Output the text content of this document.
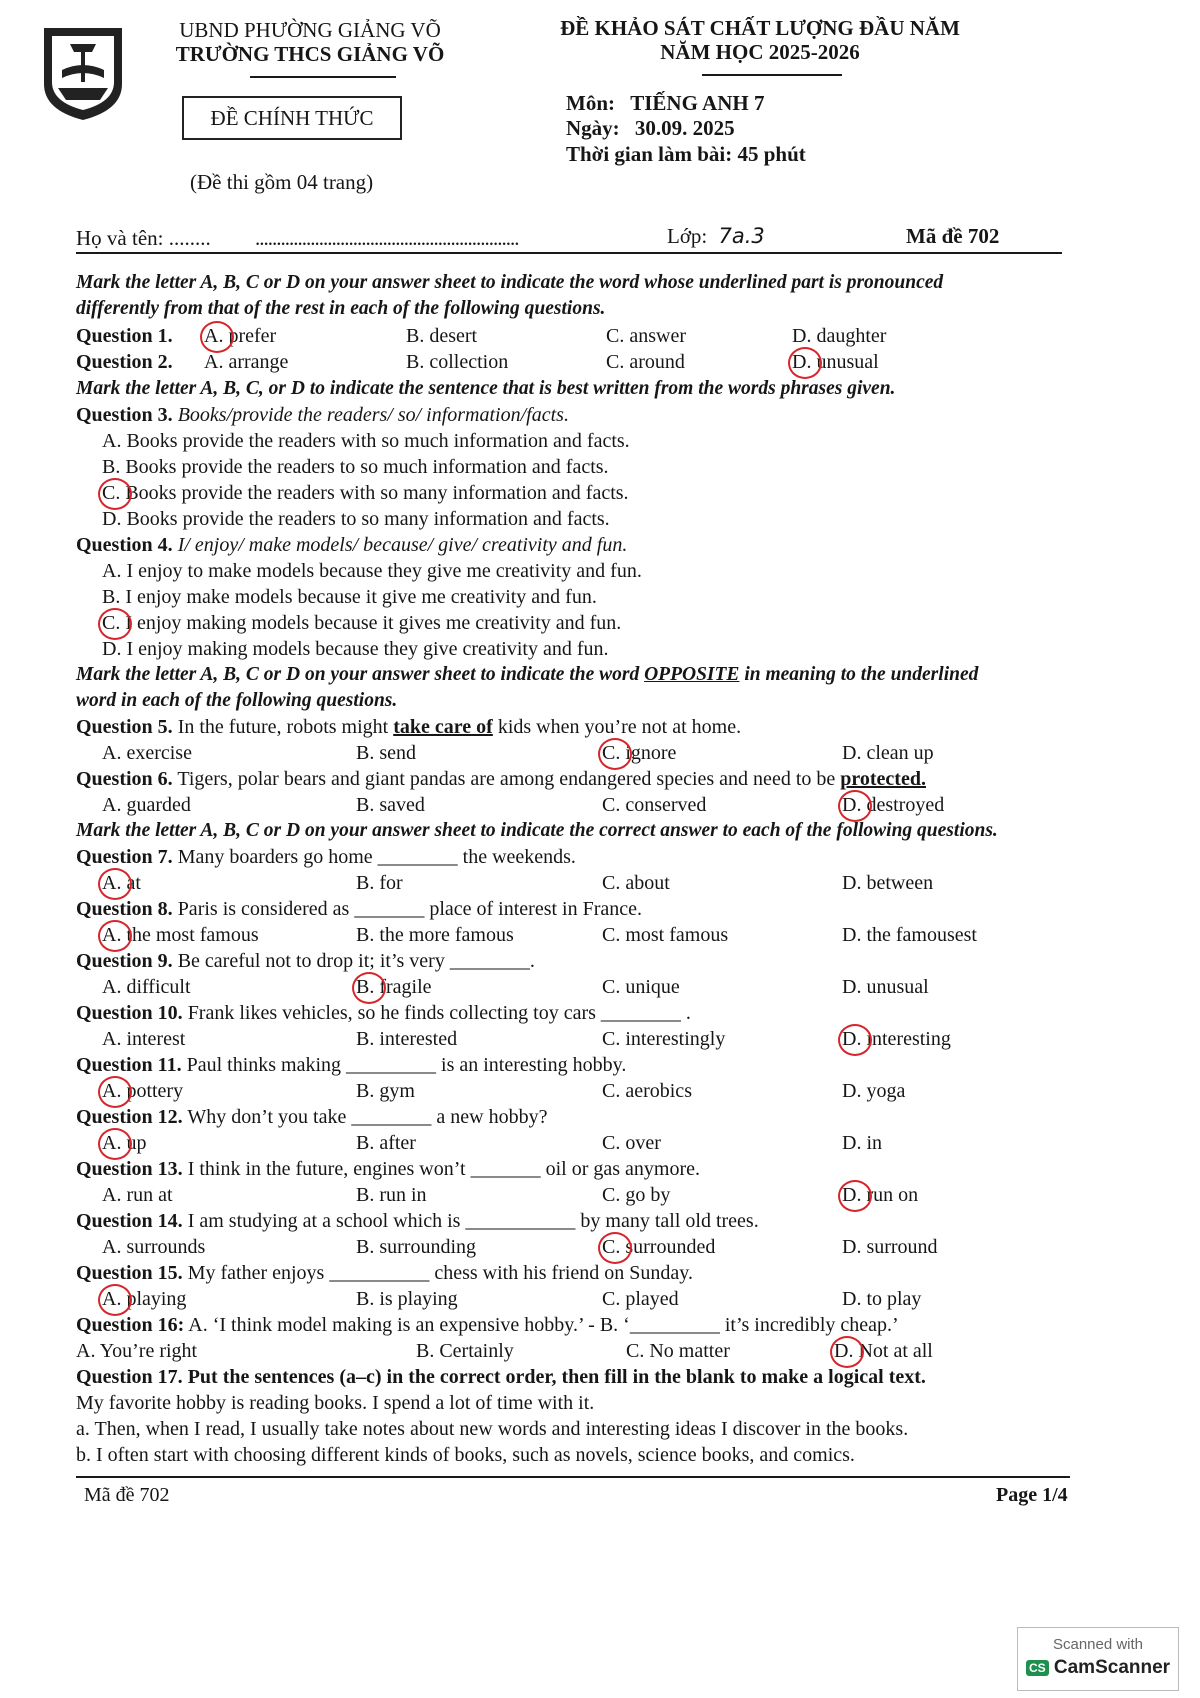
UBND PHƯỜNG GIẢNG VÕ
TRƯỜNG THCS GIẢNG VÕ
ĐỀ CHÍNH THỨC
(Đề thi gồm 04 trang)
ĐỀ KHẢO SÁT CHẤT LƯỢNG ĐẦU NĂM
NĂM HỌC 2025-2026
Môn: TIẾNG ANH 7
Ngày: 30.09. 2025
Thời gian làm bài: 45 phút
Họ và tên: ........ ..............................................................	Lớp: 7a.3	Mã đề 702
Mark the letter A, B, C or D on your answer sheet to indicate the word whose underlined part is pronounced
differently from that of the rest in each of the following questions.
Question 1. A. prefer	B. desert	C. answer	D. daughter
Question 2. A. arrange	B. collection	C. around	D. unusual
Mark the letter A, B, C, or D to indicate the sentence that is best written from the words phrases given.
Question 3. Books/provide the readers/ so/ information/facts.
A. Books provide the readers with so much information and facts.
B. Books provide the readers to so much information and facts.
C. Books provide the readers with so many information and facts.
D. Books provide the readers to so many information and facts.
Question 4. I/ enjoy/ make models/ because/ give/ creativity and fun.
A. I enjoy to make models because they give me creativity and fun.
B. I enjoy make models because it give me creativity and fun.
C. I enjoy making models because it gives me creativity and fun.
D. I enjoy making models because they give creativity and fun.
Mark the letter A, B, C or D on your answer sheet to indicate the word OPPOSITE in meaning to the underlined
word in each of the following questions.
Question 5. In the future, robots might take care of kids when you’re not at home.
A. exercise	B. send	C. ignore	D. clean up
Question 6. Tigers, polar bears and giant pandas are among endangered species and need to be protected.
A. guarded	B. saved	C. conserved	D. destroyed
Mark the letter A, B, C or D on your answer sheet to indicate the correct answer to each of the following questions.
Question 7. Many boarders go home ________ the weekends.
A. at	B. for	C. about	D. between
Question 8. Paris is considered as _______ place of interest in France.
A. the most famous	B. the more famous	C. most famous	D. the famousest
Question 9. Be careful not to drop it; it’s very ________.
A. difficult	B. fragile	C. unique	D. unusual
Question 10. Frank likes vehicles, so he finds collecting toy cars ________ .
A. interest	B. interested	C. interestingly	D. interesting
Question 11. Paul thinks making _________ is an interesting hobby.
A. pottery	B. gym	C. aerobics	D. yoga
Question 12. Why don’t you take ________ a new hobby?
A. up	B. after	C. over	D. in
Question 13. I think in the future, engines won’t _______ oil or gas anymore.
A. run at	B. run in	C. go by	D. run on
Question 14. I am studying at a school which is ___________ by many tall old trees.
A. surrounds	B. surrounding	C. surrounded	D. surround
Question 15. My father enjoys __________ chess with his friend on Sunday.
A. playing	B. is playing	C. played	D. to play
Question 16: A. ‘I think model making is an expensive hobby.’ - B. ‘_________ it’s incredibly cheap.’
A. You’re right	B. Certainly	C. No matter	D. Not at all
Question 17. Put the sentences (a–c) in the correct order, then fill in the blank to make a logical text.
My favorite hobby is reading books. I spend a lot of time with it.
a. Then, when I read, I usually take notes about new words and interesting ideas I discover in the books.
b. I often start with choosing different kinds of books, such as novels, science books, and comics.
Mã đề 702	Page 1/4
Scanned with
CS CamScanner
